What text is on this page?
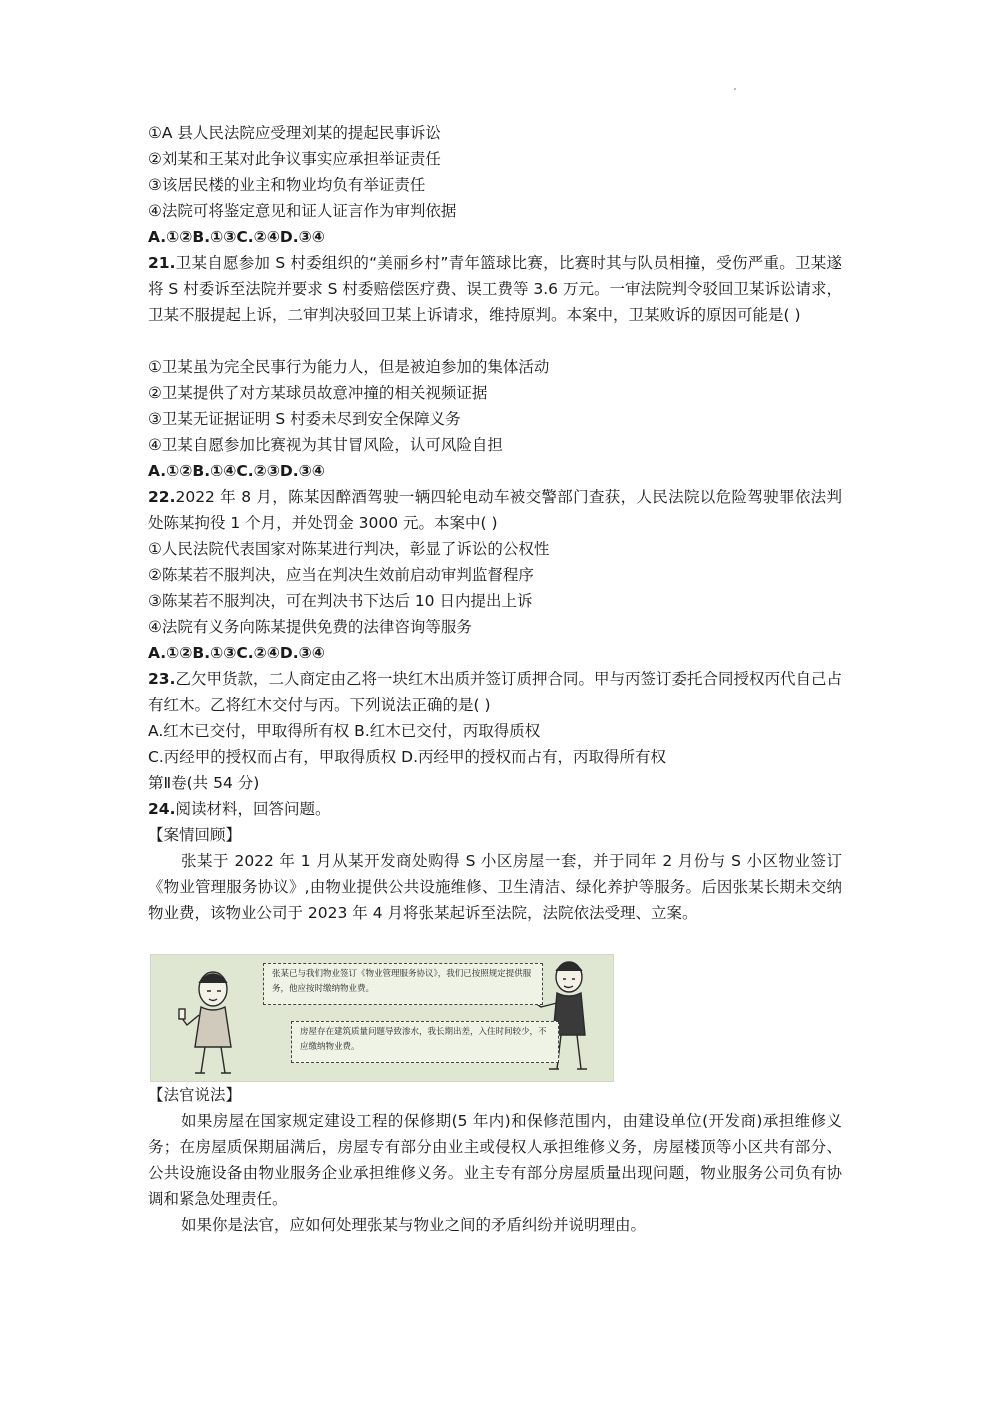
①A 县人民法院应受理刘某的提起民事诉讼
②刘某和王某对此争议事实应承担举证责任
③该居民楼的业主和物业均负有举证责任
④法院可将鉴定意见和证人证言作为审判依据
A.①②B.①③C.②④D.③④
21.卫某自愿参加 S 村委组织的“美丽乡村”青年篮球比赛，比赛时其与队员相撞，受伤严重。卫某遂将 S 村委诉至法院并要求 S 村委赔偿医疗费、误工费等 3.6 万元。一审法院判令驳回卫某诉讼请求，卫某不服提起上诉，二审判决驳回卫某上诉请求，维持原判。本案中，卫某败诉的原因可能是( )
①卫某虽为完全民事行为能力人，但是被迫参加的集体活动
②卫某提供了对方某球员故意冲撞的相关视频证据
③卫某无证据证明 S 村委未尽到安全保障义务
④卫某自愿参加比赛视为其甘冒风险，认可风险自担
A.①②B.①④C.②③D.③④
22.2022 年 8 月，陈某因醉酒驾驶一辆四轮电动车被交警部门查获，人民法院以危险驾驶罪依法判处陈某拘役 1 个月，并处罚金 3000 元。本案中( )
①人民法院代表国家对陈某进行判决，彰显了诉讼的公权性
②陈某若不服判决，应当在判决生效前启动审判监督程序
③陈某若不服判决，可在判决书下达后 10 日内提出上诉
④法院有义务向陈某提供免费的法律咨询等服务
A.①②B.①③C.②④D.③④
23.乙欠甲货款，二人商定由乙将一块红木出质并签订质押合同。甲与丙签订委托合同授权丙代自己占有红木。乙将红木交付与丙。下列说法正确的是( )
A.红木已交付，甲取得所有权 B.红木已交付，丙取得质权
C.丙经甲的授权而占有，甲取得质权 D.丙经甲的授权而占有，丙取得所有权
第Ⅱ卷(共 54 分)
24.阅读材料，回答问题。
【案情回顾】
张某于 2022 年 1 月从某开发商处购得 S 小区房屋一套，并于同年 2 月份与 S 小区物业签订《物业管理服务协议》,由物业提供公共设施维修、卫生清洁、绿化养护等服务。后因张某长期未交纳物业费，该物业公司于 2023 年 4 月将张某起诉至法院，法院依法受理、立案。
张某已与我们物业签订《物业管理服务协议》，我们已按照规定提供服务，他应按时缴纳物业费。
房屋存在建筑质量问题导致渗水，我长期出差，入住时间较少，不应缴纳物业费。
【法官说法】
如果房屋在国家规定建设工程的保修期(5 年内)和保修范围内，由建设单位(开发商)承担维修义务；在房屋质保期届满后，房屋专有部分由业主或侵权人承担维修义务，房屋楼顶等小区共有部分、公共设施设备由物业服务企业承担维修义务。业主专有部分房屋质量出现问题，物业服务公司负有协调和紧急处理责任。
如果你是法官，应如何处理张某与物业之间的矛盾纠纷并说明理由。
